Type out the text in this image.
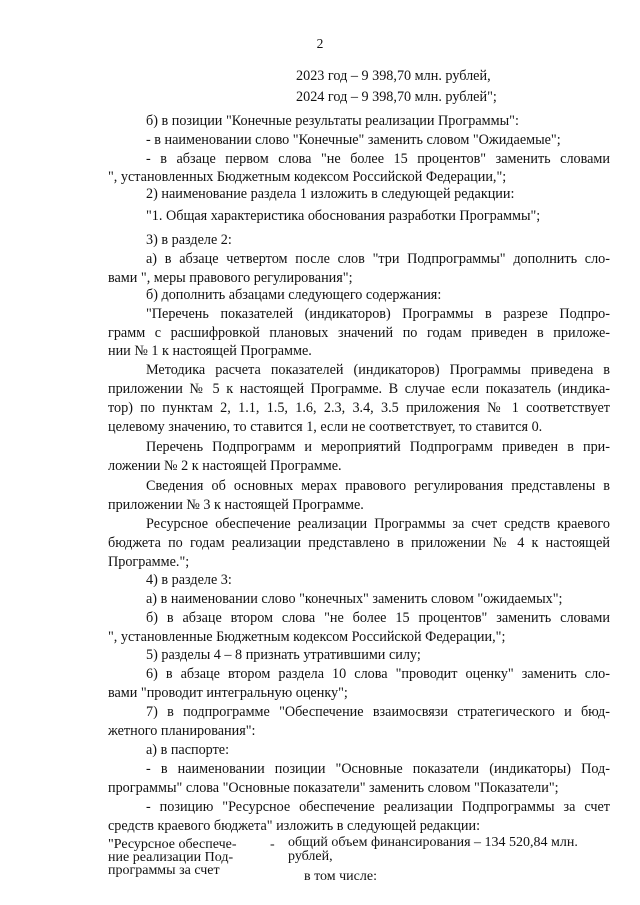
2
2023 год – 9 398,70 млн. рублей,
2024 год – 9 398,70 млн. рублей";
б) в позиции "Конечные результаты реализации Программы":
- в наименовании слово "Конечные" заменить словом "Ожидаемые";
- в абзаце первом слова "не более 15 процентов" заменить словами
", установленных Бюджетным кодексом Российской Федерации,";
2) наименование раздела 1 изложить в следующей редакции:
"1. Общая характеристика обоснования разработки Программы";
3) в разделе 2:
а) в абзаце четвертом после слов "три Подпрограммы" дополнить сло-
вами ", меры правового регулирования";
б) дополнить абзацами следующего содержания:
"Перечень показателей (индикаторов) Программы в разрезе Подпро-
грамм с расшифровкой плановых значений по годам приведен в приложе-
нии № 1 к настоящей Программе.
Методика расчета показателей (индикаторов) Программы приведена в
приложении № 5 к настоящей Программе. В случае если показатель (индика-
тор) по пунктам 2, 1.1, 1.5, 1.6, 2.3, 3.4, 3.5 приложения № 1 соответствует
целевому значению, то ставится 1, если не соответствует, то ставится 0.
Перечень Подпрограмм и мероприятий Подпрограмм приведен в при-
ложении № 2 к настоящей Программе.
Сведения об основных мерах правового регулирования представлены в
приложении № 3 к настоящей Программе.
Ресурсное обеспечение реализации Программы за счет средств краевого
бюджета по годам реализации представлено в приложении № 4 к настоящей
Программе.";
4) в разделе 3:
а) в наименовании слово "конечных" заменить словом "ожидаемых";
б) в абзаце втором слова "не более 15 процентов" заменить словами
", установленные Бюджетным кодексом Российской Федерации,";
5) разделы 4 – 8 признать утратившими силу;
6) в абзаце втором раздела 10 слова "проводит оценку" заменить сло-
вами "проводит интегральную оценку";
7) в подпрограмме "Обеспечение взаимосвязи стратегического и бюд-
жетного планирования":
а) в паспорте:
- в наименовании позиции "Основные показатели (индикаторы) Под-
программы" слова "Основные показатели" заменить словом "Показатели";
- позицию "Ресурсное обеспечение реализации Подпрограммы за счет
средств краевого бюджета" изложить в следующей редакции:
"Ресурсное обеспече-
ние реализации Под-
программы за счет
- общий объем финансирования – 134 520,84 млн.
рублей,
в том числе:
